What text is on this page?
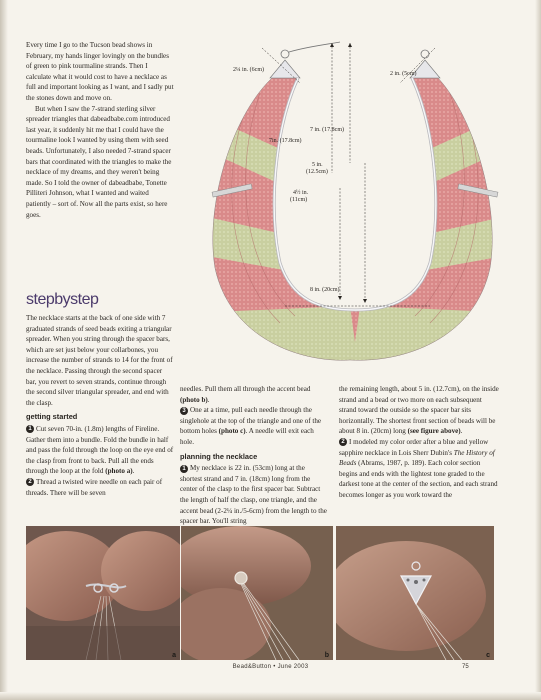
Every time I go to the Tucson bead shows in February, my hands linger lovingly on the bundles of green to pink tourmaline strands. Then I calculate what it would cost to have a necklace as full and important looking as I want, and I sadly put the stones down and move on.

But when I saw the 7-strand sterling silver spreader triangles that dabeadbabe.com introduced last year, it suddenly hit me that I could have the tourmaline look I wanted by using them with seed beads. Unfortunately, I also needed 7-strand spacer bars that coordinated with the triangles to make the necklace of my dreams, and they weren't being made. So I told the owner of dabeadbabe, Tonette Pilliteri Johnson, what I wanted and waited patiently – sort of. Now all the parts exist, so here goes.

stepbystep

The necklace starts at the back of one side with 7 graduated strands of seed beads exiting a triangular spreader. When you string through the spacer bars, which are set just below your collarbones, you increase the number of strands to 14 for the front of the necklace. Passing through the second spacer bar, you revert to seven strands, continue through the second silver triangular spreader, and end with the clasp.

getting started

1 Cut seven 70-in. (1.8m) lengths of Fireline. Gather them into a bundle. Fold the bundle in half and pass the fold through the loop on the eye end of the clasp from front to back. Pull all the ends through the loop at the fold (photo a).

2 Thread a twisted wire needle on each pair of threads. There will be seven

needles. Pull them all through the accent bead (photo b).

3 One at a time, pull each needle through the singlehole at the top of the triangle and one of the bottom holes (photo c). A needle will exit each hole.

planning the necklace

1 My necklace is 22 in. (53cm) long at the shortest strand and 7 in. (18cm) long from the center of the clasp to the first spacer bar. Subtract the length of half the clasp, one triangle, and the accent bead (2-2¼ in./5-6cm) from the length to the spacer bar. You'll string

the remaining length, about 5 in. (12.7cm), on the inside strand and a bead or two more on each subsequent strand toward the outside so the spacer bar sits horizontally. The shortest front section of beads will be about 8 in. (20cm) long (see figure above).

2 I modeled my color order after a blue and yellow sapphire necklace in Lois Sherr Dubin's The History of Beads (Abrams, 1987, p. 189). Each color section begins and ends with the lightest tone graded to the darkest tone at the center of the section, and each strand becomes longer as you work toward the

2¼ in. (6cm)
2 in. (5cm)
7 in. (17.8cm)
7in. (17.8cm)
5 in.
(12.5cm)
4½ in.
(11cm)
8 in. (20cm)
a	b	c
Bead&Button • June 2003	75
